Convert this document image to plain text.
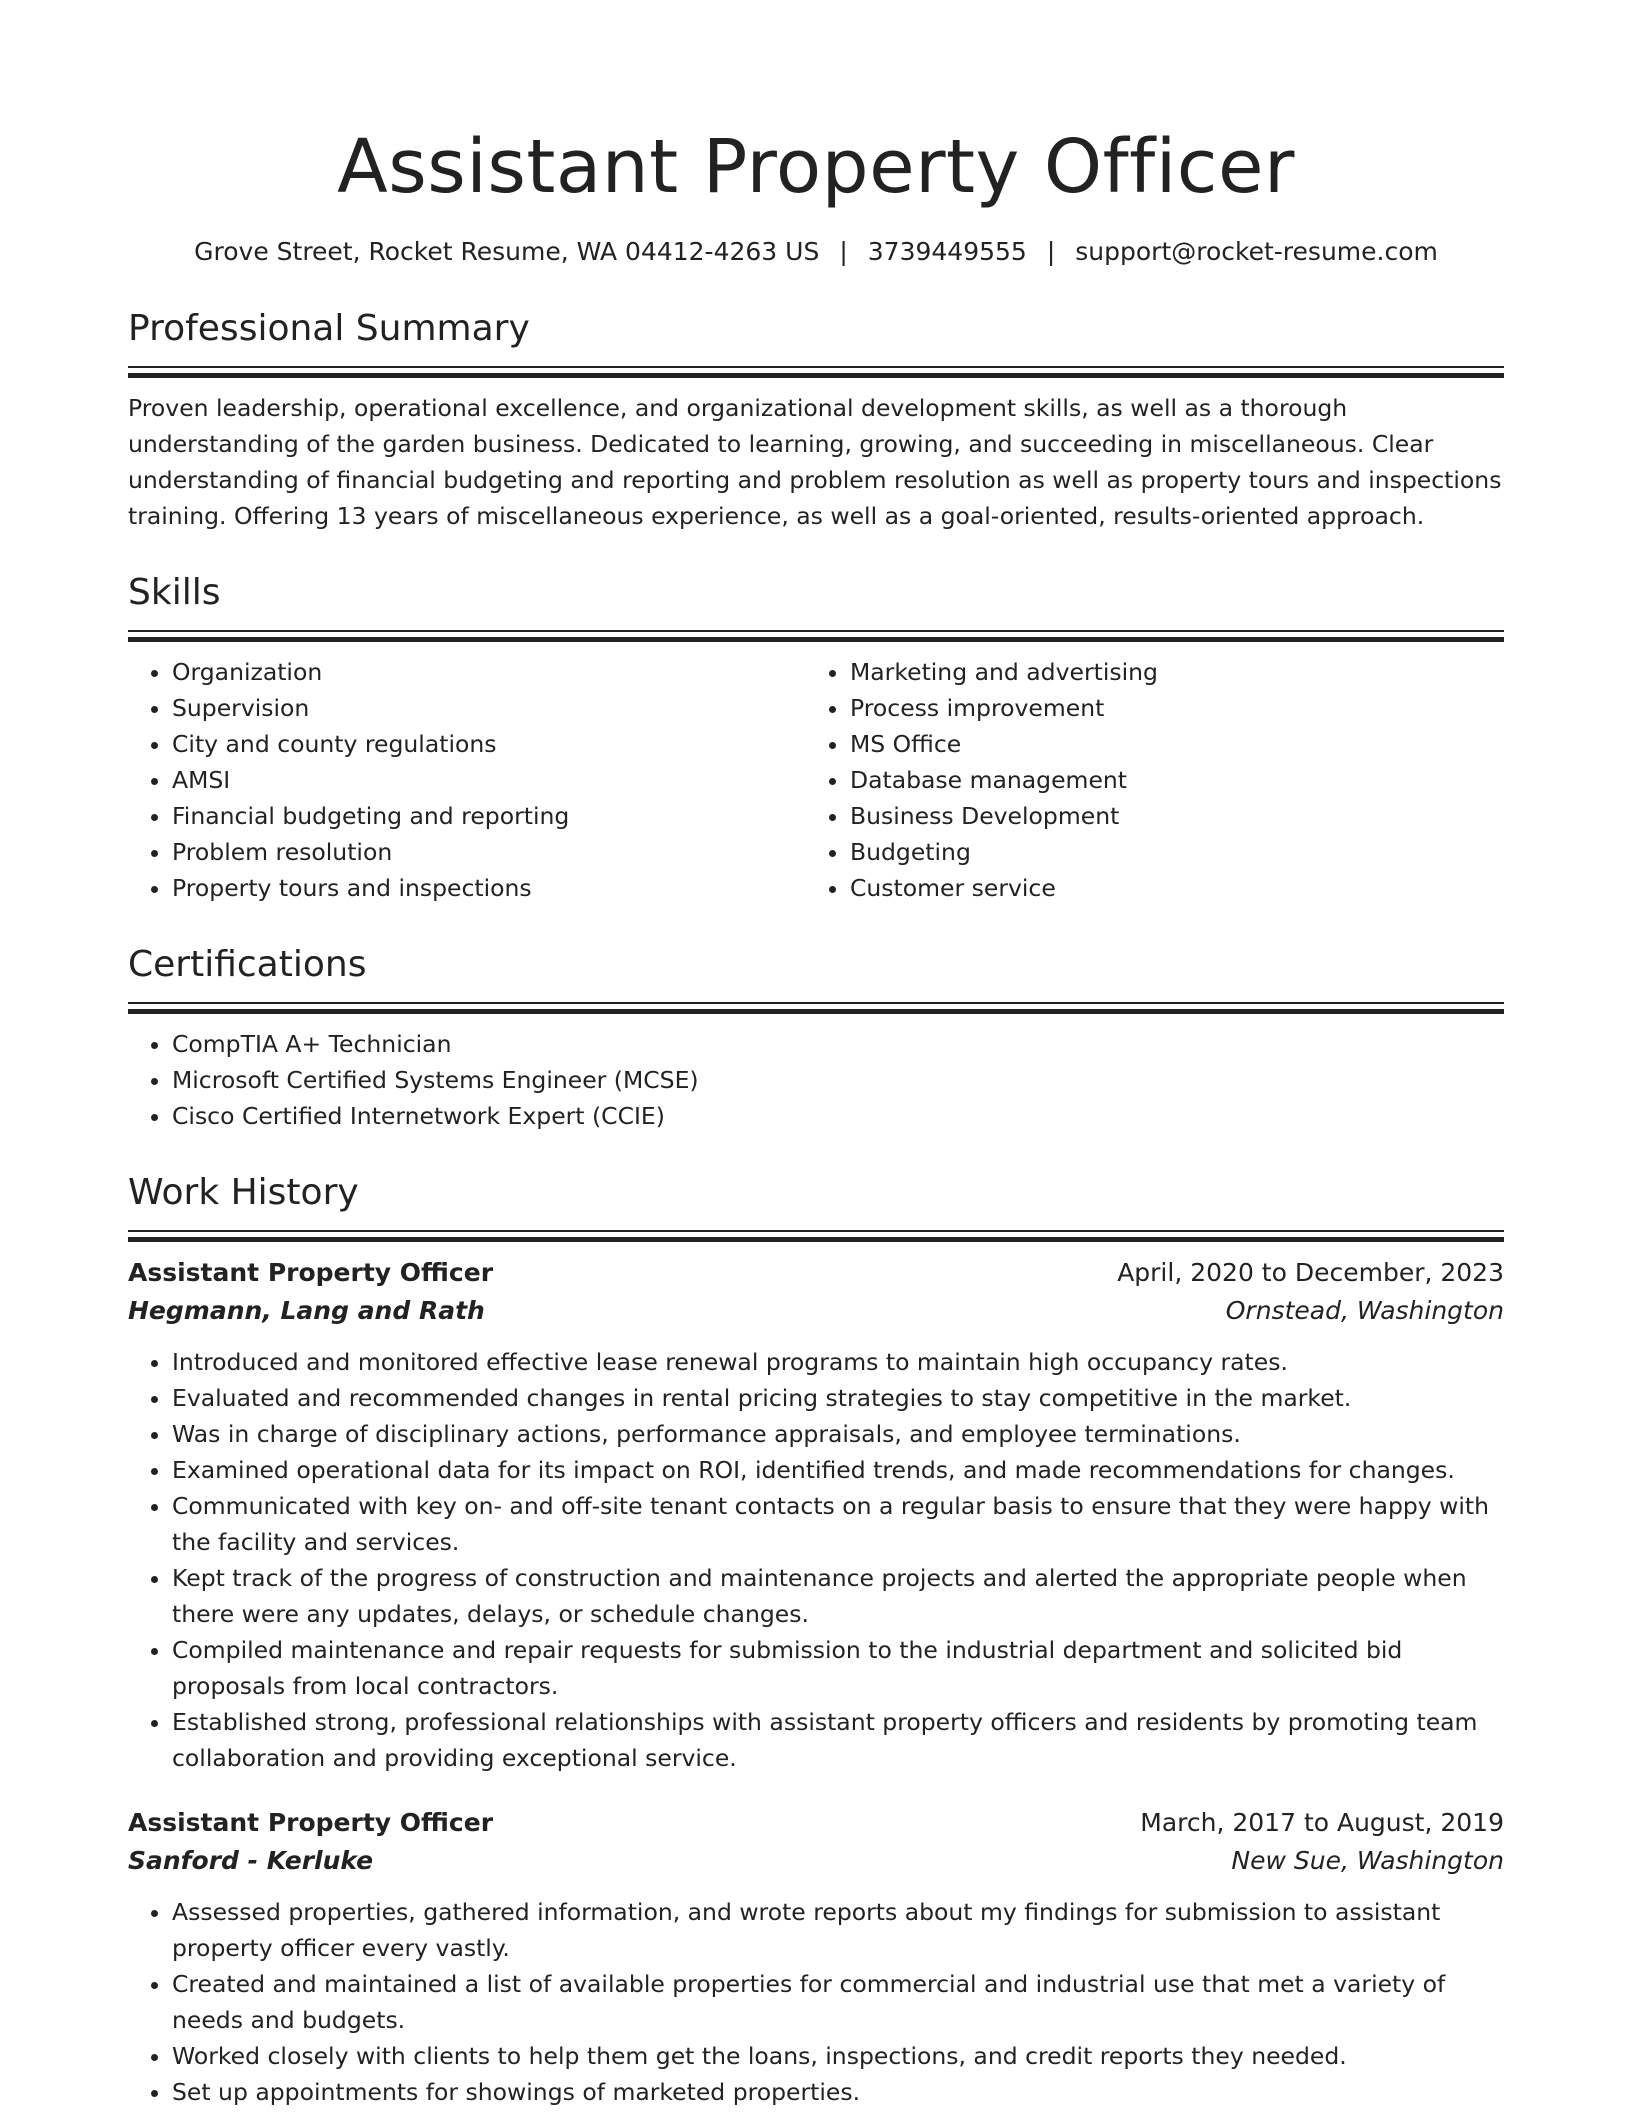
Assistant Property Officer
Grove Street, Rocket Resume, WA 04412-4263 US | 3739449555 | support@rocket-resume.com
Professional Summary

Proven leadership, operational excellence, and organizational development skills, as well as a thorough understanding of the garden business. Dedicated to learning, growing, and succeeding in miscellaneous. Clear understanding of financial budgeting and reporting and problem resolution as well as property tours and inspections training. Offering 13 years of miscellaneous experience, as well as a goal-oriented, results-oriented approach.

Skills
• Organization
• Supervision
• City and county regulations
• AMSI
• Financial budgeting and reporting
• Problem resolution
• Property tours and inspections
• Marketing and advertising
• Process improvement
• MS Office
• Database management
• Business Development
• Budgeting
• Customer service
Certifications
• CompTIA A+ Technician
• Microsoft Certified Systems Engineer (MCSE)
• Cisco Certified Internetwork Expert (CCIE)
Work History
Assistant Property Officer	April, 2020 to December, 2023
Hegmann, Lang and Rath	Ornstead, Washington
• Introduced and monitored effective lease renewal programs to maintain high occupancy rates.
• Evaluated and recommended changes in rental pricing strategies to stay competitive in the market.
• Was in charge of disciplinary actions, performance appraisals, and employee terminations.
• Examined operational data for its impact on ROI, identified trends, and made recommendations for changes.
• Communicated with key on- and off-site tenant contacts on a regular basis to ensure that they were happy with the facility and services.
• Kept track of the progress of construction and maintenance projects and alerted the appropriate people when there were any updates, delays, or schedule changes.
• Compiled maintenance and repair requests for submission to the industrial department and solicited bid proposals from local contractors.
• Established strong, professional relationships with assistant property officers and residents by promoting team collaboration and providing exceptional service.
Assistant Property Officer	March, 2017 to August, 2019
Sanford - Kerluke	New Sue, Washington
• Assessed properties, gathered information, and wrote reports about my findings for submission to assistant property officer every vastly.
• Created and maintained a list of available properties for commercial and industrial use that met a variety of needs and budgets.
• Worked closely with clients to help them get the loans, inspections, and credit reports they needed.
• Set up appointments for showings of marketed properties.
